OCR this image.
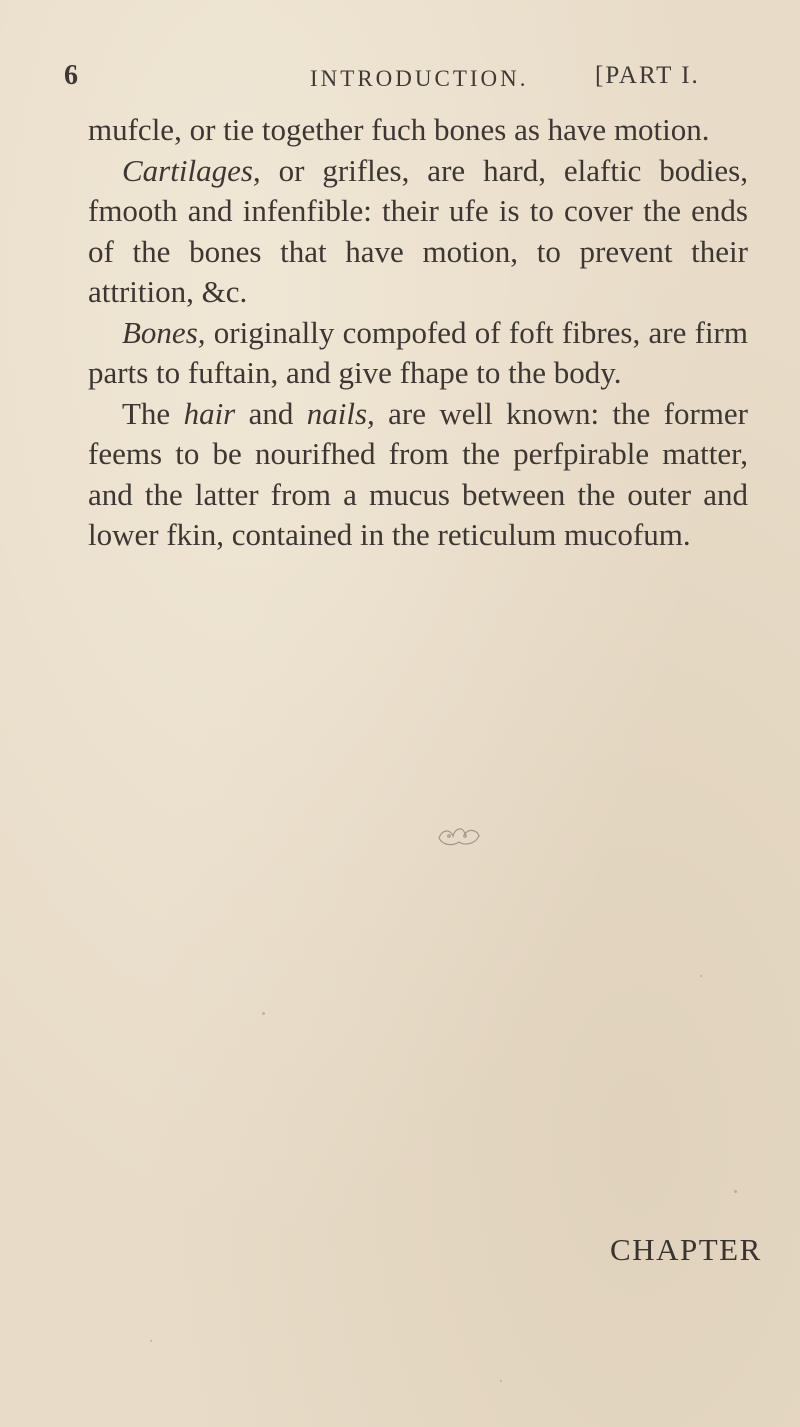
6	INTRODUCTION.	[PART I.

mufcle, or tie together fuch bones as have motion.

Cartilages, or grifles, are hard, elaftic bodies, fmooth and infenfible: their ufe is to cover the ends of the bones that have motion, to prevent their attrition, &c.

Bones, originally compofed of foft fibres, are firm parts to fuftain, and give fhape to the body.

The hair and nails, are well known: the former feems to be nourifhed from the perfpirable matter, and the latter from a mucus between the outer and lower fkin, contained in the reticulum mucofum.

CHAPTER
